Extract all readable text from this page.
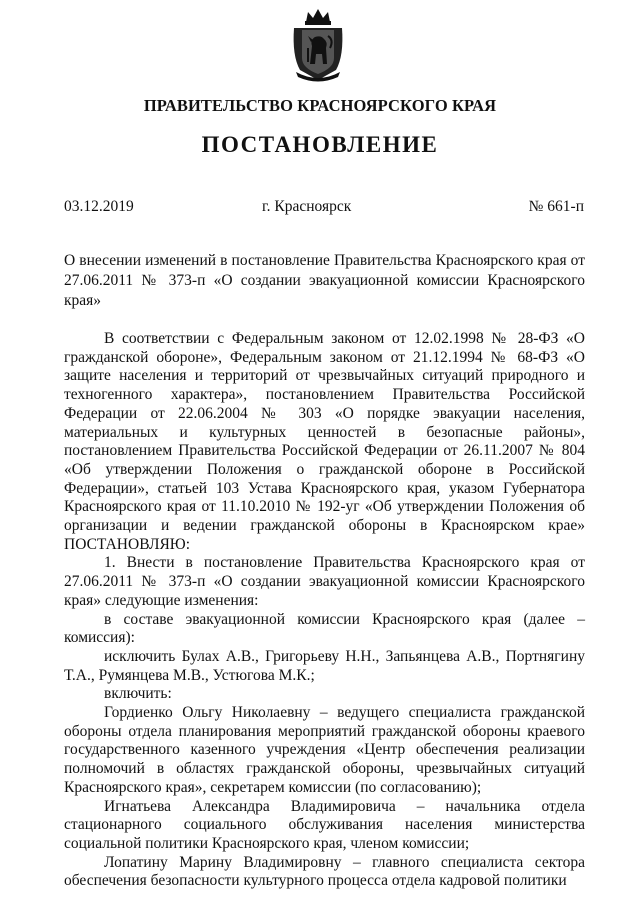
ПРАВИТЕЛЬСТВО КРАСНОЯРСКОГО КРАЯ
ПОСТАНОВЛЕНИЕ
03.12.2019	г. Красноярск	№ 661-п
О внесении изменений в постановление Правительства Красноярского края от 27.06.2011 № 373-п «О создании эвакуационной комиссии Красноярского края»

В соответствии с Федеральным законом от 12.02.1998 № 28-ФЗ «О гражданской обороне», Федеральным законом от 21.12.1994 № 68-ФЗ «О защите населения и территорий от чрезвычайных ситуаций природного и техногенного характера», постановлением Правительства Российской Федерации от 22.06.2004 № 303 «О порядке эвакуации населения, материальных и культурных ценностей в безопасные районы», постановлением Правительства Российской Федерации от 26.11.2007 № 804 «Об утверждении Положения о гражданской обороне в Российской Федерации», статьей 103 Устава Красноярского края, указом Губернатора Красноярского края от 11.10.2010 № 192-уг «Об утверждении Положения об организации и ведении гражданской обороны в Красноярском крае» ПОСТАНОВЛЯЮ:

1. Внести в постановление Правительства Красноярского края от 27.06.2011 № 373-п «О создании эвакуационной комиссии Красноярского края» следующие изменения:

в составе эвакуационной комиссии Красноярского края (далее – комиссия):

исключить Булах А.В., Григорьеву Н.Н., Запьянцева А.В., Портнягину Т.А., Румянцева М.В., Устюгова М.К.;

включить:

Гордиенко Ольгу Николаевну – ведущего специалиста гражданской обороны отдела планирования мероприятий гражданской обороны краевого государственного казенного учреждения «Центр обеспечения реализации полномочий в областях гражданской обороны, чрезвычайных ситуаций Красноярского края», секретарем комиссии (по согласованию);

Игнатьева Александра Владимировича – начальника отдела стационарного социального обслуживания населения министерства социальной политики Красноярского края, членом комиссии;

Лопатину Марину Владимировну – главного специалиста сектора обеспечения безопасности культурного процесса отдела кадровой политики
